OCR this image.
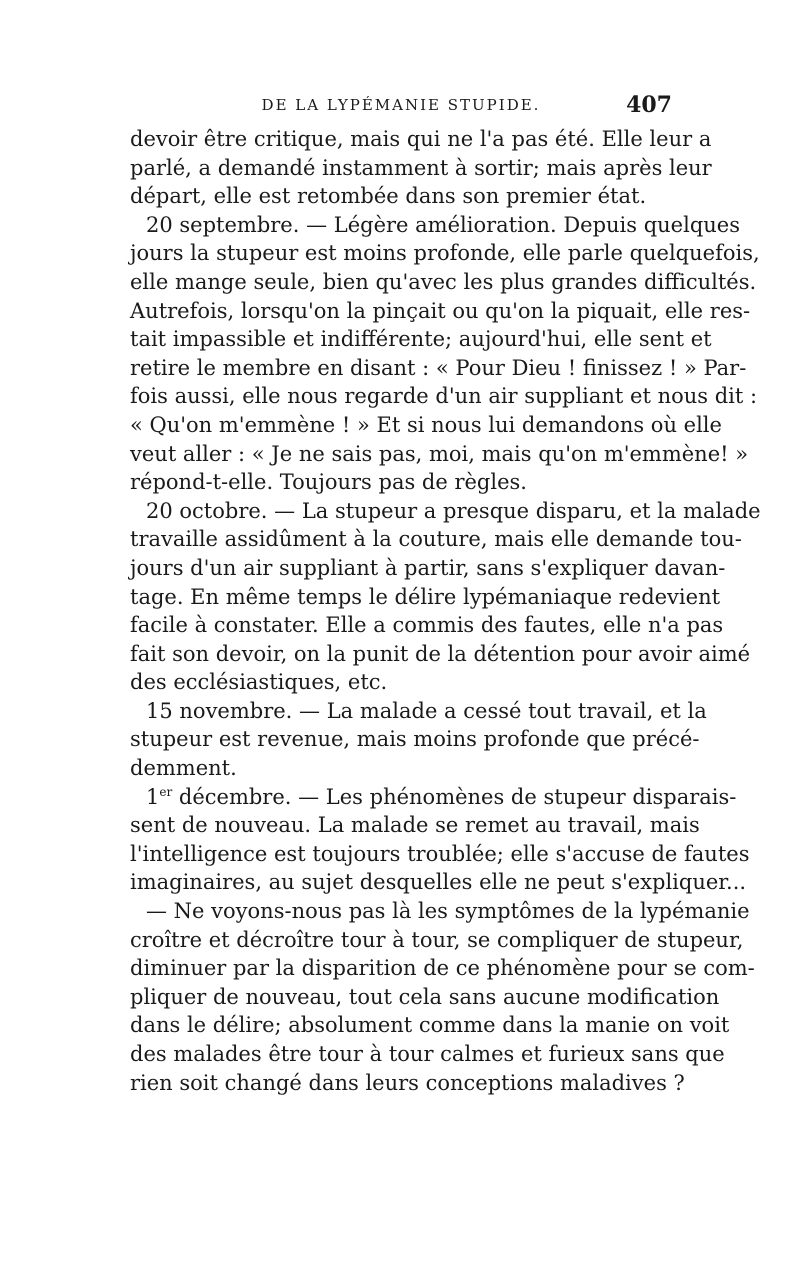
DE LA LYPÉMANIE STUPIDE.	407
devoir être critique, mais qui ne l'a pas été. Elle leur a
parlé, a demandé instamment à sortir; mais après leur
départ, elle est retombée dans son premier état.
20 septembre. — Légère amélioration. Depuis quelques
jours la stupeur est moins profonde, elle parle quelquefois,
elle mange seule, bien qu'avec les plus grandes difficultés.
Autrefois, lorsqu'on la pinçait ou qu'on la piquait, elle res-
tait impassible et indifférente; aujourd'hui, elle sent et
retire le membre en disant : « Pour Dieu ! finissez ! » Par-
fois aussi, elle nous regarde d'un air suppliant et nous dit :
« Qu'on m'emmène ! » Et si nous lui demandons où elle
veut aller : « Je ne sais pas, moi, mais qu'on m'emmène! »
répond-t-elle. Toujours pas de règles.
20 octobre. — La stupeur a presque disparu, et la malade
travaille assidûment à la couture, mais elle demande tou-
jours d'un air suppliant à partir, sans s'expliquer davan-
tage. En même temps le délire lypémaniaque redevient
facile à constater. Elle a commis des fautes, elle n'a pas
fait son devoir, on la punit de la détention pour avoir aimé
des ecclésiastiques, etc.
15 novembre. — La malade a cessé tout travail, et la
stupeur est revenue, mais moins profonde que précé-
demment.
1er décembre. — Les phénomènes de stupeur disparais-
sent de nouveau. La malade se remet au travail, mais
l'intelligence est toujours troublée; elle s'accuse de fautes
imaginaires, au sujet desquelles elle ne peut s'expliquer...
— Ne voyons-nous pas là les symptômes de la lypémanie
croître et décroître tour à tour, se compliquer de stupeur,
diminuer par la disparition de ce phénomène pour se com-
pliquer de nouveau, tout cela sans aucune modification
dans le délire; absolument comme dans la manie on voit
des malades être tour à tour calmes et furieux sans que
rien soit changé dans leurs conceptions maladives ?
